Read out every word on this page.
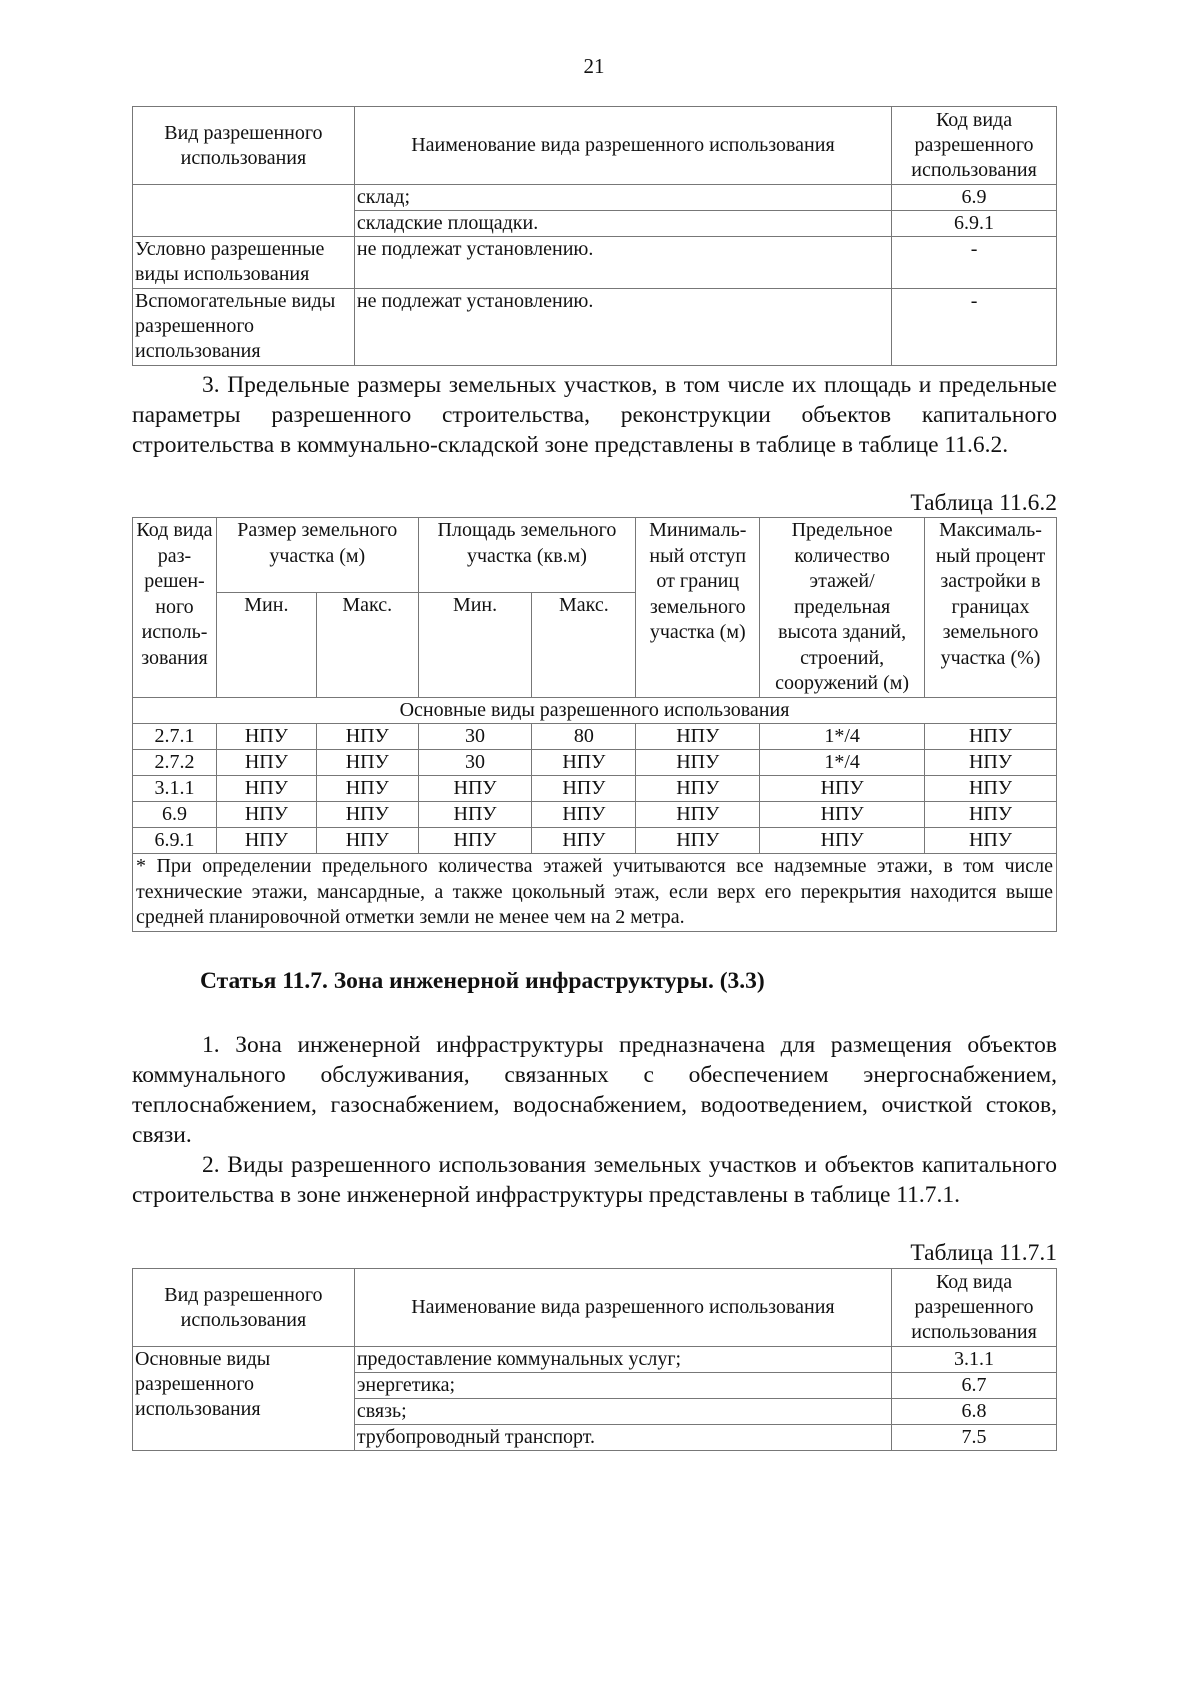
21
Вид разрешенного использования	Наименование вида разрешенного использования	Код вида разрешенного использования
	склад;	6.9
	складские площадки.	6.9.1
Условно разрешенные виды использования	не подлежат установлению.	-
Вспомогательные виды разрешенного использования	не подлежат установлению.	-

3. Предельные размеры земельных участков, в том числе их площадь и предельные параметры разрешенного строительства, реконструкции объектов капитального строительства в коммунально-складской зоне представлены в таблице в таблице 11.6.2.

Таблица 11.6.2
Код вида раз-решен-ного исполь-зования	Размер земельного участка (м)		Площадь земельного участка (кв.м)		Минималь-ный отступ от границ земельного участка (м)	Предельное количество этажей/ предельная высота зданий, строений, сооружений (м)	Максималь-ный процент застройки в границах земельного участка (%)
	Мин.	Макс.	Мин.	Макс.			
Основные виды разрешенного использования							
2.7.1	НПУ	НПУ	30	80	НПУ	1*/4	НПУ
2.7.2	НПУ	НПУ	30	НПУ	НПУ	1*/4	НПУ
3.1.1	НПУ	НПУ	НПУ	НПУ	НПУ	НПУ	НПУ
6.9	НПУ	НПУ	НПУ	НПУ	НПУ	НПУ	НПУ
6.9.1	НПУ	НПУ	НПУ	НПУ	НПУ	НПУ	НПУ
* При определении предельного количества этажей учитываются все надземные этажи, в том числе технические этажи, мансардные, а также цокольный этаж, если верх его перекрытия находится выше средней планировочной отметки земли не менее чем на 2 метра.							
Статья 11.7. Зона инженерной инфраструктуры. (3.3)

1. Зона инженерной инфраструктуры предназначена для размещения объектов коммунального обслуживания, связанных с обеспечением энергоснабжением, теплоснабжением, газоснабжением, водоснабжением, водоотведением, очисткой стоков, связи.

2. Виды разрешенного использования земельных участков и объектов капитального строительства в зоне инженерной инфраструктуры представлены в таблице 11.7.1.

Таблица 11.7.1
Вид разрешенного использования	Наименование вида разрешенного использования	Код вида разрешенного использования
Основные виды разрешенного использования	предоставление коммунальных услуг;	3.1.1
	энергетика;	6.7
	связь;	6.8
	трубопроводный транспорт.	7.5
